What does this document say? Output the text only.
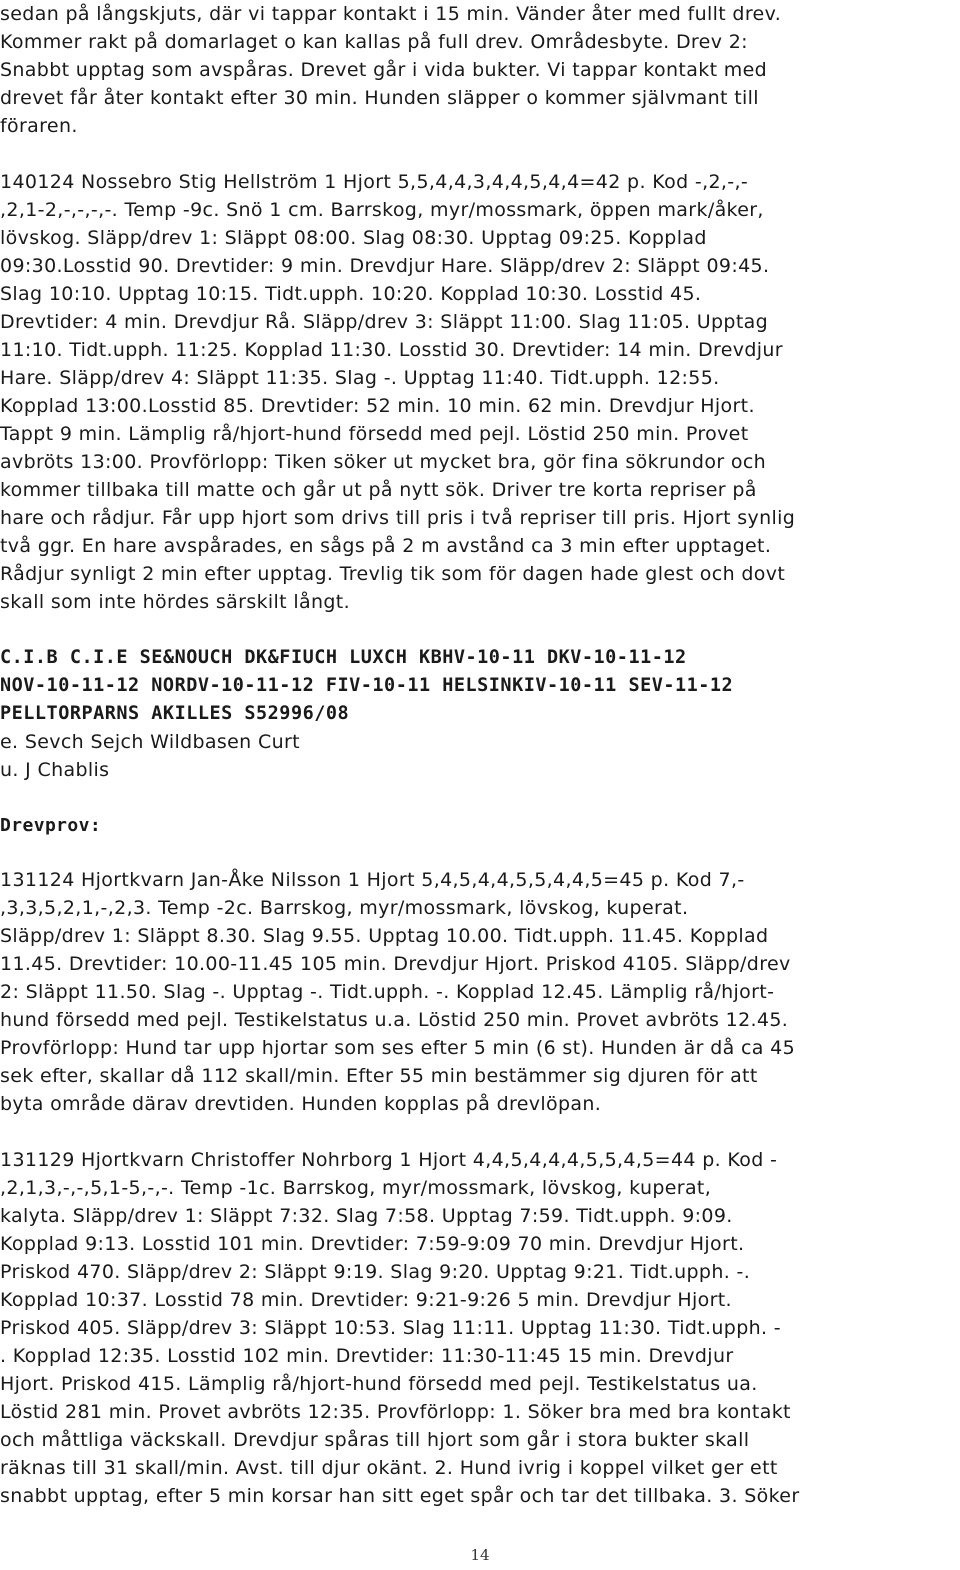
sedan på långskjuts, där vi tappar kontakt i 15 min. Vänder åter med fullt drev.
Kommer rakt på domarlaget o kan kallas på full drev. Områdesbyte. Drev 2:
Snabbt upptag som avspåras. Drevet går i vida bukter. Vi tappar kontakt med
drevet får åter kontakt efter 30 min. Hunden släpper o kommer självmant till
föraren.

140124 Nossebro Stig Hellström 1 Hjort 5,5,4,4,3,4,4,5,4,4=42 p. Kod -,2,-,-
,2,1-2,-,-,-,-. Temp -9c. Snö 1 cm. Barrskog, myr/mossmark, öppen mark/åker,
lövskog. Släpp/drev 1: Släppt 08:00. Slag 08:30. Upptag 09:25. Kopplad
09:30.Losstid 90. Drevtider: 9 min. Drevdjur Hare. Släpp/drev 2: Släppt 09:45.
Slag 10:10. Upptag 10:15. Tidt.upph. 10:20. Kopplad 10:30. Losstid 45.
Drevtider: 4 min. Drevdjur Rå. Släpp/drev 3: Släppt 11:00. Slag 11:05. Upptag
11:10. Tidt.upph. 11:25. Kopplad 11:30. Losstid 30. Drevtider: 14 min. Drevdjur
Hare. Släpp/drev 4: Släppt 11:35. Slag -. Upptag 11:40. Tidt.upph. 12:55.
Kopplad 13:00.Losstid 85. Drevtider: 52 min. 10 min. 62 min. Drevdjur Hjort.
Tappt 9 min. Lämplig rå/hjort-hund försedd med pejl. Löstid 250 min. Provet
avbröts 13:00. Provförlopp: Tiken söker ut mycket bra, gör fina sökrundor och
kommer tillbaka till matte och går ut på nytt sök. Driver tre korta repriser på
hare och rådjur. Får upp hjort som drivs till pris i två repriser till pris. Hjort synlig
två ggr. En hare avspårades, en sågs på 2 m avstånd ca 3 min efter upptaget.
Rådjur synligt 2 min efter upptag. Trevlig tik som för dagen hade glest och dovt
skall som inte hördes särskilt långt.

C.I.B C.I.E SE&NOUCH DK&FIUCH LUXCH KBHV-10-11 DKV-10-11-12
NOV-10-11-12 NORDV-10-11-12 FIV-10-11 HELSINKIV-10-11 SEV-11-12
PELLTORPARNS AKILLES S52996/08

e. Sevch Sejch Wildbasen Curt

u. J Chablis

Drevprov:

131124 Hjortkvarn Jan-Åke Nilsson 1 Hjort 5,4,5,4,4,5,5,4,4,5=45 p. Kod 7,-
,3,3,5,2,1,-,2,3. Temp -2c. Barrskog, myr/mossmark, lövskog, kuperat.
Släpp/drev 1: Släppt 8.30. Slag 9.55. Upptag 10.00. Tidt.upph. 11.45. Kopplad
11.45. Drevtider: 10.00-11.45 105 min. Drevdjur Hjort. Priskod 4105. Släpp/drev
2: Släppt 11.50. Slag -. Upptag -. Tidt.upph. -. Kopplad 12.45. Lämplig rå/hjort-
hund försedd med pejl. Testikelstatus u.a. Löstid 250 min. Provet avbröts 12.45.
Provförlopp: Hund tar upp hjortar som ses efter 5 min (6 st). Hunden är då ca 45
sek efter, skallar då 112 skall/min. Efter 55 min bestämmer sig djuren för att
byta område därav drevtiden. Hunden kopplas på drevlöpan.

131129 Hjortkvarn Christoffer Nohrborg 1 Hjort 4,4,5,4,4,4,5,5,4,5=44 p. Kod -
,2,1,3,-,-,5,1-5,-,-. Temp -1c. Barrskog, myr/mossmark, lövskog, kuperat,
kalyta. Släpp/drev 1: Släppt 7:32. Slag 7:58. Upptag 7:59. Tidt.upph. 9:09.
Kopplad 9:13. Losstid 101 min. Drevtider: 7:59-9:09 70 min. Drevdjur Hjort.
Priskod 470. Släpp/drev 2: Släppt 9:19. Slag 9:20. Upptag 9:21. Tidt.upph. -.
Kopplad 10:37. Losstid 78 min. Drevtider: 9:21-9:26 5 min. Drevdjur Hjort.
Priskod 405. Släpp/drev 3: Släppt 10:53. Slag 11:11. Upptag 11:30. Tidt.upph. -
. Kopplad 12:35. Losstid 102 min. Drevtider: 11:30-11:45 15 min. Drevdjur
Hjort. Priskod 415. Lämplig rå/hjort-hund försedd med pejl. Testikelstatus ua.
Löstid 281 min. Provet avbröts 12:35. Provförlopp: 1. Söker bra med bra kontakt
och måttliga väckskall. Drevdjur spåras till hjort som går i stora bukter skall
räknas till 31 skall/min. Avst. till djur okänt. 2. Hund ivrig i koppel vilket ger ett
snabbt upptag, efter 5 min korsar han sitt eget spår och tar det tillbaka. 3. Söker

14
